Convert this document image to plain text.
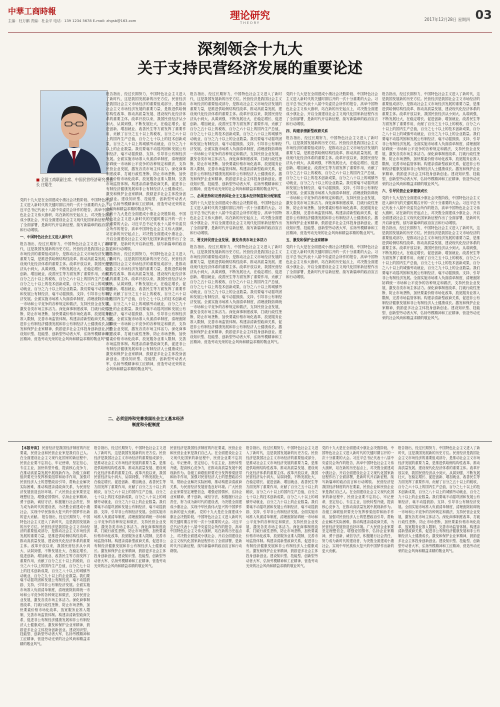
中華工商時報
主编：杜万鹏 责编：杜金平 电话：139 1234 5678 E-mail: zhgsb@163.com	理论研究
THEORY
2017年12月28日 星期四 03
深刻领会十九大
关于支持民营经济发展的重要论述
■ 全国工商联副主席、中国民营经济研究会会长 庄聪生
党的十九大是在全面建成小康社会决胜阶段、中国特色社会主义进入新时代的关键时期召开的一次十分重要的大会。习近平总书记代表十八届中央委员会所作的报告，高举中国特色社会主义伟大旗帜，站在新的历史起点上，对决胜全面建成小康社会、开启全面建设社会主义现代化国家新征程作出了全面部署，是新时代开启新征程、续写新篇章的政治宣言和行动纲领。
一、中国特色社会主义进入新时代
报告指出，经过长期努力，中国特色社会主义进入了新时代，这是我国发展新的历史方位。民营经济是我国社会主义市场经济的重要组成部分，是推动社会主义市场经济发展的重要力量，是推进供给侧结构性改革、推动高质量发展、建设现代化经济体系的重要主体。改革开放以来，我国民营经济从小到大、从弱到强，不断发展壮大，在稳定增长、促进创新、增加就业、改善民生等方面发挥了重要作用，贡献了百分之五十以上的税收，百分之六十以上的国内生产总值，百分之七十以上的技术创新成果，百分之八十以上的城镇劳动就业，百分之九十以上的企业数量。我们要毫不动摇巩固和发展公有制经济，毫不动摇鼓励、支持、引导非公有制经济发展。全面实施市场准入负面清单制度，清理废除妨碍统一市场和公平竞争的各种规定和做法，支持民营企业发展，激发各类市场主体活力。深化商事制度改革，打破行政性垄断，防止市场垄断，加快要素价格市场化改革，放宽服务业准入限制，完善市场监管体制。构建亲清新型政商关系，促进非公有制经济健康发展和非公有制经济人士健康成长。激发和保护企业家精神，鼓励更多社会主体投身创新创业。建设知识型、技能型、创新型劳动者大军，弘扬劳模精神和工匠精神，营造劳动光荣的社会风尚和精益求精的敬业风气。
报告指出，经过长期努力，中国特色社会主义进入了新时代，这是我国发展新的历史方位。民营经济是我国社会主义市场经济的重要组成部分，是推动社会主义市场经济发展的重要力量，是推进供给侧结构性改革、推动高质量发展、建设现代化经济体系的重要主体。改革开放以来，我国民营经济从小到大、从弱到强，不断发展壮大，在稳定增长、促进创新、增加就业、改善民生等方面发挥了重要作用，贡献了百分之五十以上的税收，百分之六十以上的国内生产总值，百分之七十以上的技术创新成果，百分之八十以上的城镇劳动就业，百分之九十以上的企业数量。我们要毫不动摇巩固和发展公有制经济，毫不动摇鼓励、支持、引导非公有制经济发展。全面实施市场准入负面清单制度，清理废除妨碍统一市场和公平竞争的各种规定和做法，支持民营企业发展，激发各类市场主体活力。深化商事制度改革，打破行政性垄断，防止市场垄断，加快要素价格市场化改革，放宽服务业准入限制，完善市场监管体制。构建亲清新型政商关系，促进非公有制经济健康发展和非公有制经济人士健康成长。激发和保护企业家精神，鼓励更多社会主体投身创新创业。建设知识型、技能型、创新型劳动者大军，弘扬劳模精神和工匠精神，营造劳动光荣的社会风尚和精益求精的敬业风气。
党的十九大是在全面建成小康社会决胜阶段、中国特色社会主义进入新时代的关键时期召开的一次十分重要的大会。习近平总书记代表十八届中央委员会所作的报告，高举中国特色社会主义伟大旗帜，站在新的历史起点上，对决胜全面建成小康社会、开启全面建设社会主义现代化国家新征程作出了全面部署，是新时代开启新征程、续写新篇章的政治宣言和行动纲领。
报告指出，经过长期努力，中国特色社会主义进入了新时代，这是我国发展新的历史方位。民营经济是我国社会主义市场经济的重要组成部分，是推动社会主义市场经济发展的重要力量，是推进供给侧结构性改革、推动高质量发展、建设现代化经济体系的重要主体。改革开放以来，我国民营经济从小到大、从弱到强，不断发展壮大，在稳定增长、促进创新、增加就业、改善民生等方面发挥了重要作用，贡献了百分之五十以上的税收，百分之六十以上的国内生产总值，百分之七十以上的技术创新成果，百分之八十以上的城镇劳动就业，百分之九十以上的企业数量。我们要毫不动摇巩固和发展公有制经济，毫不动摇鼓励、支持、引导非公有制经济发展。全面实施市场准入负面清单制度，清理废除妨碍统一市场和公平竞争的各种规定和做法，支持民营企业发展，激发各类市场主体活力。深化商事制度改革，打破行政性垄断，防止市场垄断，加快要素价格市场化改革，放宽服务业准入限制，完善市场监管体制。构建亲清新型政商关系，促进非公有制经济健康发展和非公有制经济人士健康成长。激发和保护企业家精神，鼓励更多社会主体投身创新创业。建设知识型、技能型、创新型劳动者大军，弘扬劳模精神和工匠精神，营造劳动光荣的社会风尚和精益求精的敬业风气。
二、必须坚持和完善我国社会主义基本经济制度和分配制度
报告指出，经过长期努力，中国特色社会主义进入了新时代，这是我国发展新的历史方位。民营经济是我国社会主义市场经济的重要组成部分，是推动社会主义市场经济发展的重要力量，是推进供给侧结构性改革、推动高质量发展、建设现代化经济体系的重要主体。改革开放以来，我国民营经济从小到大、从弱到强，不断发展壮大，在稳定增长、促进创新、增加就业、改善民生等方面发挥了重要作用，贡献了百分之五十以上的税收，百分之六十以上的国内生产总值，百分之七十以上的技术创新成果，百分之八十以上的城镇劳动就业，百分之九十以上的企业数量。我们要毫不动摇巩固和发展公有制经济，毫不动摇鼓励、支持、引导非公有制经济发展。全面实施市场准入负面清单制度，清理废除妨碍统一市场和公平竞争的各种规定和做法，支持民营企业发展，激发各类市场主体活力。深化商事制度改革，打破行政性垄断，防止市场垄断，加快要素价格市场化改革，放宽服务业准入限制，完善市场监管体制。构建亲清新型政商关系，促进非公有制经济健康发展和非公有制经济人士健康成长。激发和保护企业家精神，鼓励更多社会主体投身创新创业。建设知识型、技能型、创新型劳动者大军，弘扬劳模精神和工匠精神，营造劳动光荣的社会风尚和精益求精的敬业风气。
二、必须坚持和完善我国社会主义基本经济制度和分配制度
党的十九大是在全面建成小康社会决胜阶段、中国特色社会主义进入新时代的关键时期召开的一次十分重要的大会。习近平总书记代表十八届中央委员会所作的报告，高举中国特色社会主义伟大旗帜，站在新的历史起点上，对决胜全面建成小康社会、开启全面建设社会主义现代化国家新征程作出了全面部署，是新时代开启新征程、续写新篇章的政治宣言和行动纲领。
三、要支持民营企业发展，激发各类市场主体活力
报告指出，经过长期努力，中国特色社会主义进入了新时代，这是我国发展新的历史方位。民营经济是我国社会主义市场经济的重要组成部分，是推动社会主义市场经济发展的重要力量，是推进供给侧结构性改革、推动高质量发展、建设现代化经济体系的重要主体。改革开放以来，我国民营经济从小到大、从弱到强，不断发展壮大，在稳定增长、促进创新、增加就业、改善民生等方面发挥了重要作用，贡献了百分之五十以上的税收，百分之六十以上的国内生产总值，百分之七十以上的技术创新成果，百分之八十以上的城镇劳动就业，百分之九十以上的企业数量。我们要毫不动摇巩固和发展公有制经济，毫不动摇鼓励、支持、引导非公有制经济发展。全面实施市场准入负面清单制度，清理废除妨碍统一市场和公平竞争的各种规定和做法，支持民营企业发展，激发各类市场主体活力。深化商事制度改革，打破行政性垄断，防止市场垄断，加快要素价格市场化改革，放宽服务业准入限制，完善市场监管体制。构建亲清新型政商关系，促进非公有制经济健康发展和非公有制经济人士健康成长。激发和保护企业家精神，鼓励更多社会主体投身创新创业。建设知识型、技能型、创新型劳动者大军，弘扬劳模精神和工匠精神，营造劳动光荣的社会风尚和精益求精的敬业风气。
党的十九大是在全面建成小康社会决胜阶段、中国特色社会主义进入新时代的关键时期召开的一次十分重要的大会。习近平总书记代表十八届中央委员会所作的报告，高举中国特色社会主义伟大旗帜，站在新的历史起点上，对决胜全面建成小康社会、开启全面建设社会主义现代化国家新征程作出了全面部署，是新时代开启新征程、续写新篇章的政治宣言和行动纲领。
四、构建亲清新型政商关系
报告指出，经过长期努力，中国特色社会主义进入了新时代，这是我国发展新的历史方位。民营经济是我国社会主义市场经济的重要组成部分，是推动社会主义市场经济发展的重要力量，是推进供给侧结构性改革、推动高质量发展、建设现代化经济体系的重要主体。改革开放以来，我国民营经济从小到大、从弱到强，不断发展壮大，在稳定增长、促进创新、增加就业、改善民生等方面发挥了重要作用，贡献了百分之五十以上的税收，百分之六十以上的国内生产总值，百分之七十以上的技术创新成果，百分之八十以上的城镇劳动就业，百分之九十以上的企业数量。我们要毫不动摇巩固和发展公有制经济，毫不动摇鼓励、支持、引导非公有制经济发展。全面实施市场准入负面清单制度，清理废除妨碍统一市场和公平竞争的各种规定和做法，支持民营企业发展，激发各类市场主体活力。深化商事制度改革，打破行政性垄断，防止市场垄断，加快要素价格市场化改革，放宽服务业准入限制，完善市场监管体制。构建亲清新型政商关系，促进非公有制经济健康发展和非公有制经济人士健康成长。激发和保护企业家精神，鼓励更多社会主体投身创新创业。建设知识型、技能型、创新型劳动者大军，弘扬劳模精神和工匠精神，营造劳动光荣的社会风尚和精益求精的敬业风气。
五、激发和保护企业家精神
党的十九大是在全面建成小康社会决胜阶段、中国特色社会主义进入新时代的关键时期召开的一次十分重要的大会。习近平总书记代表十八届中央委员会所作的报告，高举中国特色社会主义伟大旗帜，站在新的历史起点上，对决胜全面建成小康社会、开启全面建设社会主义现代化国家新征程作出了全面部署，是新时代开启新征程、续写新篇章的政治宣言和行动纲领。
报告指出，经过长期努力，中国特色社会主义进入了新时代，这是我国发展新的历史方位。民营经济是我国社会主义市场经济的重要组成部分，是推动社会主义市场经济发展的重要力量，是推进供给侧结构性改革、推动高质量发展、建设现代化经济体系的重要主体。改革开放以来，我国民营经济从小到大、从弱到强，不断发展壮大，在稳定增长、促进创新、增加就业、改善民生等方面发挥了重要作用，贡献了百分之五十以上的税收，百分之六十以上的国内生产总值，百分之七十以上的技术创新成果，百分之八十以上的城镇劳动就业，百分之九十以上的企业数量。我们要毫不动摇巩固和发展公有制经济，毫不动摇鼓励、支持、引导非公有制经济发展。全面实施市场准入负面清单制度，清理废除妨碍统一市场和公平竞争的各种规定和做法，支持民营企业发展，激发各类市场主体活力。深化商事制度改革，打破行政性垄断，防止市场垄断，加快要素价格市场化改革，放宽服务业准入限制，完善市场监管体制。构建亲清新型政商关系，促进非公有制经济健康发展和非公有制经济人士健康成长。激发和保护企业家精神，鼓励更多社会主体投身创新创业。建设知识型、技能型、创新型劳动者大军，弘扬劳模精神和工匠精神，营造劳动光荣的社会风尚和精益求精的敬业风气。
六、引导民营企业家健康成长
党的十九大是在全面建成小康社会决胜阶段、中国特色社会主义进入新时代的关键时期召开的一次十分重要的大会。习近平总书记代表十八届中央委员会所作的报告，高举中国特色社会主义伟大旗帜，站在新的历史起点上，对决胜全面建成小康社会、开启全面建设社会主义现代化国家新征程作出了全面部署，是新时代开启新征程、续写新篇章的政治宣言和行动纲领。
报告指出，经过长期努力，中国特色社会主义进入了新时代，这是我国发展新的历史方位。民营经济是我国社会主义市场经济的重要组成部分，是推动社会主义市场经济发展的重要力量，是推进供给侧结构性改革、推动高质量发展、建设现代化经济体系的重要主体。改革开放以来，我国民营经济从小到大、从弱到强，不断发展壮大，在稳定增长、促进创新、增加就业、改善民生等方面发挥了重要作用，贡献了百分之五十以上的税收，百分之六十以上的国内生产总值，百分之七十以上的技术创新成果，百分之八十以上的城镇劳动就业，百分之九十以上的企业数量。我们要毫不动摇巩固和发展公有制经济，毫不动摇鼓励、支持、引导非公有制经济发展。全面实施市场准入负面清单制度，清理废除妨碍统一市场和公平竞争的各种规定和做法，支持民营企业发展，激发各类市场主体活力。深化商事制度改革，打破行政性垄断，防止市场垄断，加快要素价格市场化改革，放宽服务业准入限制，完善市场监管体制。构建亲清新型政商关系，促进非公有制经济健康发展和非公有制经济人士健康成长。激发和保护企业家精神，鼓励更多社会主体投身创新创业。建设知识型、技能型、创新型劳动者大军，弘扬劳模精神和工匠精神，营造劳动光荣的社会风尚和精益求精的敬业风气。
【本版导读】 民营经济是我国经济制度的内在要素，民营企业和民营企业家是我们自己人。在全面建设社会主义现代化国家的新征程中，民营企业要不忘初心，牢记使命，坚定信心，专注主业，加快转型升级，提高核心竞争力，在推动高质量发展中展现新作为。各级工商联组织要充分发挥桥梁纽带和助手作用，加强对民营经济人士的思想政治引导，帮助企业解决实际困难，推动构建亲清政商关系，为民营经济发展营造良好环境。广大民营企业家要坚定理想信念，增强爱国情怀，弘扬企业家精神，勇于创新，诚信守法，积极履行社会责任，努力成为新时代的建设者，为决胜全面建成小康社会、实现中华民族伟大复兴的中国梦作出新的更大贡献。 报告指出，经过长期努力，中国特色社会主义进入了新时代，这是我国发展新的历史方位。民营经济是我国社会主义市场经济的重要组成部分，是推动社会主义市场经济发展的重要力量，是推进供给侧结构性改革、推动高质量发展、建设现代化经济体系的重要主体。改革开放以来，我国民营经济从小到大、从弱到强，不断发展壮大，在稳定增长、促进创新、增加就业、改善民生等方面发挥了重要作用，贡献了百分之五十以上的税收，百分之六十以上的国内生产总值，百分之七十以上的技术创新成果，百分之八十以上的城镇劳动就业，百分之九十以上的企业数量。我们要毫不动摇巩固和发展公有制经济，毫不动摇鼓励、支持、引导非公有制经济发展。全面实施市场准入负面清单制度，清理废除妨碍统一市场和公平竞争的各种规定和做法，支持民营企业发展，激发各类市场主体活力。深化商事制度改革，打破行政性垄断，防止市场垄断，加快要素价格市场化改革，放宽服务业准入限制，完善市场监管体制。构建亲清新型政商关系，促进非公有制经济健康发展和非公有制经济人士健康成长。激发和保护企业家精神，鼓励更多社会主体投身创新创业。建设知识型、技能型、创新型劳动者大军，弘扬劳模精神和工匠精神，营造劳动光荣的社会风尚和精益求精的敬业风气。
报告指出，经过长期努力，中国特色社会主义进入了新时代，这是我国发展新的历史方位。民营经济是我国社会主义市场经济的重要组成部分，是推动社会主义市场经济发展的重要力量，是推进供给侧结构性改革、推动高质量发展、建设现代化经济体系的重要主体。改革开放以来，我国民营经济从小到大、从弱到强，不断发展壮大，在稳定增长、促进创新、增加就业、改善民生等方面发挥了重要作用，贡献了百分之五十以上的税收，百分之六十以上的国内生产总值，百分之七十以上的技术创新成果，百分之八十以上的城镇劳动就业，百分之九十以上的企业数量。我们要毫不动摇巩固和发展公有制经济，毫不动摇鼓励、支持、引导非公有制经济发展。全面实施市场准入负面清单制度，清理废除妨碍统一市场和公平竞争的各种规定和做法，支持民营企业发展，激发各类市场主体活力。深化商事制度改革，打破行政性垄断，防止市场垄断，加快要素价格市场化改革，放宽服务业准入限制，完善市场监管体制。构建亲清新型政商关系，促进非公有制经济健康发展和非公有制经济人士健康成长。激发和保护企业家精神，鼓励更多社会主体投身创新创业。建设知识型、技能型、创新型劳动者大军，弘扬劳模精神和工匠精神，营造劳动光荣的社会风尚和精益求精的敬业风气。
民营经济是我国经济制度的内在要素，民营企业和民营企业家是我们自己人。在全面建设社会主义现代化国家的新征程中，民营企业要不忘初心，牢记使命，坚定信心，专注主业，加快转型升级，提高核心竞争力，在推动高质量发展中展现新作为。各级工商联组织要充分发挥桥梁纽带和助手作用，加强对民营经济人士的思想政治引导，帮助企业解决实际困难，推动构建亲清政商关系，为民营经济发展营造良好环境。广大民营企业家要坚定理想信念，增强爱国情怀，弘扬企业家精神，勇于创新，诚信守法，积极履行社会责任，努力成为新时代的建设者，为决胜全面建成小康社会、实现中华民族伟大复兴的中国梦作出新的更大贡献。 党的十九大是在全面建成小康社会决胜阶段、中国特色社会主义进入新时代的关键时期召开的一次十分重要的大会。习近平总书记代表十八届中央委员会所作的报告，高举中国特色社会主义伟大旗帜，站在新的历史起点上，对决胜全面建成小康社会、开启全面建设社会主义现代化国家新征程作出了全面部署，是新时代开启新征程、续写新篇章的政治宣言和行动纲领。
报告指出，经过长期努力，中国特色社会主义进入了新时代，这是我国发展新的历史方位。民营经济是我国社会主义市场经济的重要组成部分，是推动社会主义市场经济发展的重要力量，是推进供给侧结构性改革、推动高质量发展、建设现代化经济体系的重要主体。改革开放以来，我国民营经济从小到大、从弱到强，不断发展壮大，在稳定增长、促进创新、增加就业、改善民生等方面发挥了重要作用，贡献了百分之五十以上的税收，百分之六十以上的国内生产总值，百分之七十以上的技术创新成果，百分之八十以上的城镇劳动就业，百分之九十以上的企业数量。我们要毫不动摇巩固和发展公有制经济，毫不动摇鼓励、支持、引导非公有制经济发展。全面实施市场准入负面清单制度，清理废除妨碍统一市场和公平竞争的各种规定和做法，支持民营企业发展，激发各类市场主体活力。深化商事制度改革，打破行政性垄断，防止市场垄断，加快要素价格市场化改革，放宽服务业准入限制，完善市场监管体制。构建亲清新型政商关系，促进非公有制经济健康发展和非公有制经济人士健康成长。激发和保护企业家精神，鼓励更多社会主体投身创新创业。建设知识型、技能型、创新型劳动者大军，弘扬劳模精神和工匠精神，营造劳动光荣的社会风尚和精益求精的敬业风气。
党的十九大是在全面建成小康社会决胜阶段、中国特色社会主义进入新时代的关键时期召开的一次十分重要的大会。习近平总书记代表十八届中央委员会所作的报告，高举中国特色社会主义伟大旗帜，站在新的历史起点上，对决胜全面建成小康社会、开启全面建设社会主义现代化国家新征程作出了全面部署，是新时代开启新征程、续写新篇章的政治宣言和行动纲领。 民营经济是我国经济制度的内在要素，民营企业和民营企业家是我们自己人。在全面建设社会主义现代化国家的新征程中，民营企业要不忘初心，牢记使命，坚定信心，专注主业，加快转型升级，提高核心竞争力，在推动高质量发展中展现新作为。各级工商联组织要充分发挥桥梁纽带和助手作用，加强对民营经济人士的思想政治引导，帮助企业解决实际困难，推动构建亲清政商关系，为民营经济发展营造良好环境。广大民营企业家要坚定理想信念，增强爱国情怀，弘扬企业家精神，勇于创新，诚信守法，积极履行社会责任，努力成为新时代的建设者，为决胜全面建成小康社会、实现中华民族伟大复兴的中国梦作出新的更大贡献。
报告指出，经过长期努力，中国特色社会主义进入了新时代，这是我国发展新的历史方位。民营经济是我国社会主义市场经济的重要组成部分，是推动社会主义市场经济发展的重要力量，是推进供给侧结构性改革、推动高质量发展、建设现代化经济体系的重要主体。改革开放以来，我国民营经济从小到大、从弱到强，不断发展壮大，在稳定增长、促进创新、增加就业、改善民生等方面发挥了重要作用，贡献了百分之五十以上的税收，百分之六十以上的国内生产总值，百分之七十以上的技术创新成果，百分之八十以上的城镇劳动就业，百分之九十以上的企业数量。我们要毫不动摇巩固和发展公有制经济，毫不动摇鼓励、支持、引导非公有制经济发展。全面实施市场准入负面清单制度，清理废除妨碍统一市场和公平竞争的各种规定和做法，支持民营企业发展，激发各类市场主体活力。深化商事制度改革，打破行政性垄断，防止市场垄断，加快要素价格市场化改革，放宽服务业准入限制，完善市场监管体制。构建亲清新型政商关系，促进非公有制经济健康发展和非公有制经济人士健康成长。激发和保护企业家精神，鼓励更多社会主体投身创新创业。建设知识型、技能型、创新型劳动者大军，弘扬劳模精神和工匠精神，营造劳动光荣的社会风尚和精益求精的敬业风气。
